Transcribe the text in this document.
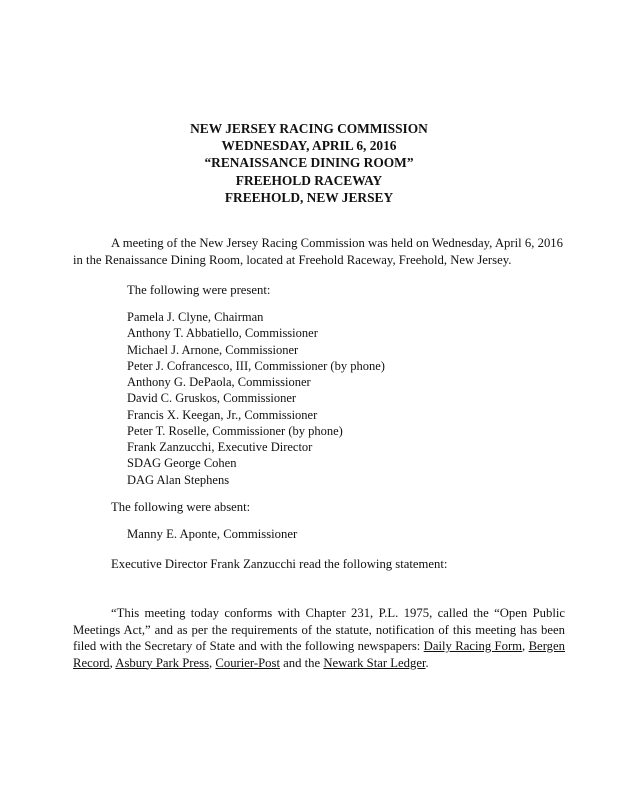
NEW JERSEY RACING COMMISSION
WEDNESDAY, APRIL 6, 2016
“RENAISSANCE DINING ROOM”
FREEHOLD RACEWAY
FREEHOLD, NEW JERSEY
A meeting of the New Jersey Racing Commission was held on Wednesday, April 6, 2016 in the Renaissance Dining Room, located at Freehold Raceway, Freehold, New Jersey.
The following were present:
Pamela J. Clyne, Chairman
Anthony T. Abbatiello, Commissioner
Michael J. Arnone, Commissioner
Peter J. Cofrancesco, III, Commissioner (by phone)
Anthony G. DePaola, Commissioner
David C. Gruskos, Commissioner
Francis X. Keegan, Jr., Commissioner
Peter T. Roselle, Commissioner (by phone)
Frank Zanzucchi, Executive Director
SDAG George Cohen
DAG Alan Stephens
The following were absent:
Manny E. Aponte, Commissioner
Executive Director Frank Zanzucchi read the following statement:
“This meeting today conforms with Chapter 231, P.L. 1975, called the “Open Public Meetings Act,” and as per the requirements of the statute, notification of this meeting has been filed with the Secretary of State and with the following newspapers: Daily Racing Form, Bergen Record, Asbury Park Press, Courier-Post and the Newark Star Ledger.
